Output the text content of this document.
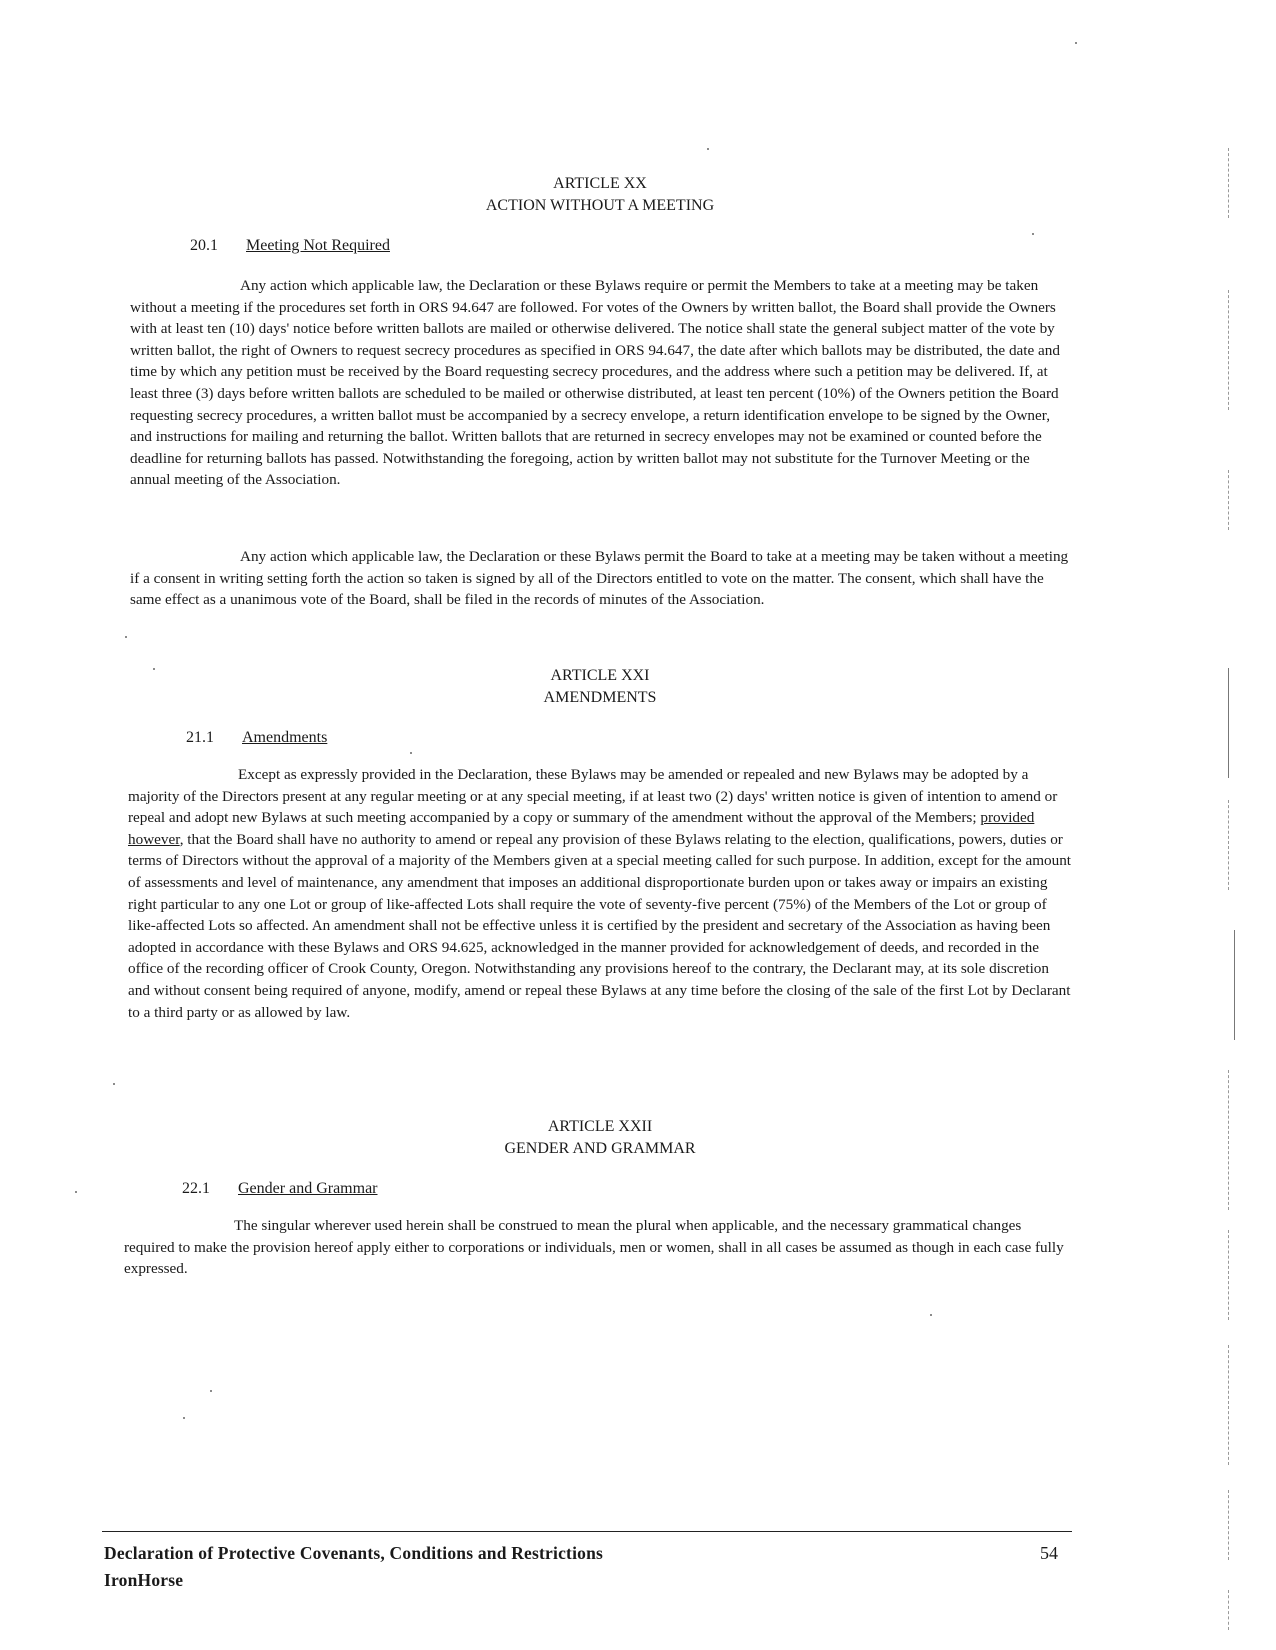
ARTICLE XX
ACTION WITHOUT A MEETING
20.1 Meeting Not Required

Any action which applicable law, the Declaration or these Bylaws require or permit the Members to take at a meeting may be taken without a meeting if the procedures set forth in ORS 94.647 are followed. For votes of the Owners by written ballot, the Board shall provide the Owners with at least ten (10) days' notice before written ballots are mailed or otherwise delivered. The notice shall state the general subject matter of the vote by written ballot, the right of Owners to request secrecy procedures as specified in ORS 94.647, the date after which ballots may be distributed, the date and time by which any petition must be received by the Board requesting secrecy procedures, and the address where such a petition may be delivered. If, at least three (3) days before written ballots are scheduled to be mailed or otherwise distributed, at least ten percent (10%) of the Owners petition the Board requesting secrecy procedures, a written ballot must be accompanied by a secrecy envelope, a return identification envelope to be signed by the Owner, and instructions for mailing and returning the ballot. Written ballots that are returned in secrecy envelopes may not be examined or counted before the deadline for returning ballots has passed. Notwithstanding the foregoing, action by written ballot may not substitute for the Turnover Meeting or the annual meeting of the Association.

Any action which applicable law, the Declaration or these Bylaws permit the Board to take at a meeting may be taken without a meeting if a consent in writing setting forth the action so taken is signed by all of the Directors entitled to vote on the matter. The consent, which shall have the same effect as a unanimous vote of the Board, shall be filed in the records of minutes of the Association.

ARTICLE XXI
AMENDMENTS
21.1 Amendments

Except as expressly provided in the Declaration, these Bylaws may be amended or repealed and new Bylaws may be adopted by a majority of the Directors present at any regular meeting or at any special meeting, if at least two (2) days' written notice is given of intention to amend or repeal and adopt new Bylaws at such meeting accompanied by a copy or summary of the amendment without the approval of the Members; provided however, that the Board shall have no authority to amend or repeal any provision of these Bylaws relating to the election, qualifications, powers, duties or terms of Directors without the approval of a majority of the Members given at a special meeting called for such purpose. In addition, except for the amount of assessments and level of maintenance, any amendment that imposes an additional disproportionate burden upon or takes away or impairs an existing right particular to any one Lot or group of like-affected Lots shall require the vote of seventy-five percent (75%) of the Members of the Lot or group of like-affected Lots so affected. An amendment shall not be effective unless it is certified by the president and secretary of the Association as having been adopted in accordance with these Bylaws and ORS 94.625, acknowledged in the manner provided for acknowledgement of deeds, and recorded in the office of the recording officer of Crook County, Oregon. Notwithstanding any provisions hereof to the contrary, the Declarant may, at its sole discretion and without consent being required of anyone, modify, amend or repeal these Bylaws at any time before the closing of the sale of the first Lot by Declarant to a third party or as allowed by law.

ARTICLE XXII
GENDER AND GRAMMAR
22.1 Gender and Grammar

The singular wherever used herein shall be construed to mean the plural when applicable, and the necessary grammatical changes required to make the provision hereof apply either to corporations or individuals, men or women, shall in all cases be assumed as though in each case fully expressed.

Declaration of Protective Covenants, Conditions and Restrictions
IronHorse
54
